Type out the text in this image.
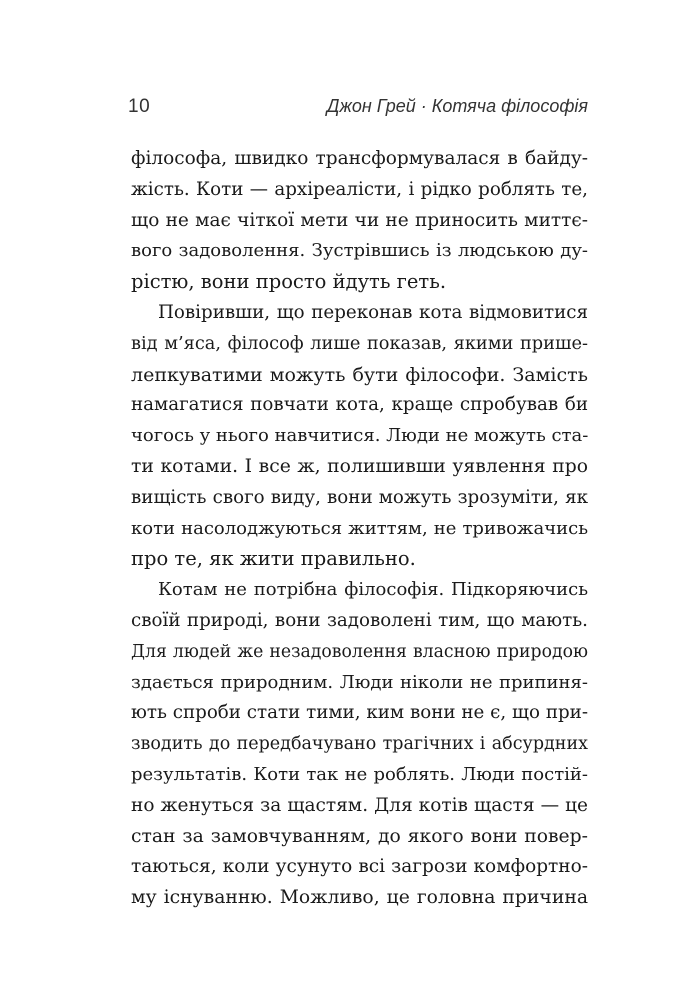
10	Джон Грей · Котяча філософія
філософа, швидко трансформувалася в байду-
жість. Коти — архіреалісти, і рідко роблять те,
що не має чіткої мети чи не приносить миттє-
вого задоволення. Зустрівшись із людською ду-
рістю, вони просто йдуть геть.
Повіривши, що переконав кота відмовитися
від м’яса, філософ лише показав, якими пришe-
лепкуватими можуть бути філософи. Замість
намагатися повчати кота, краще спробував би
чогось у нього навчитися. Люди не можуть ста-
ти котами. І все ж, полишивши уявлення про
вищість свого виду, вони можуть зрозуміти, як
коти насолоджуються життям, не тривожачись
про те, як жити правильно.
Котам не потрібна філософія. Підкоряючись
своїй природі, вони задоволені тим, що мають.
Для людей же незадоволення власною природою
здається природним. Люди ніколи не припиня-
ють спроби стати тими, ким вони не є, що при-
зводить до передбачувано трагічних і абсурдних
результатів. Коти так не роблять. Люди постій-
но женуться за щастям. Для котів щастя — це
стан за замовчуванням, до якого вони повер-
таються, коли усунуто всі загрози комфортно-
му існуванню. Можливо, це головна причина
